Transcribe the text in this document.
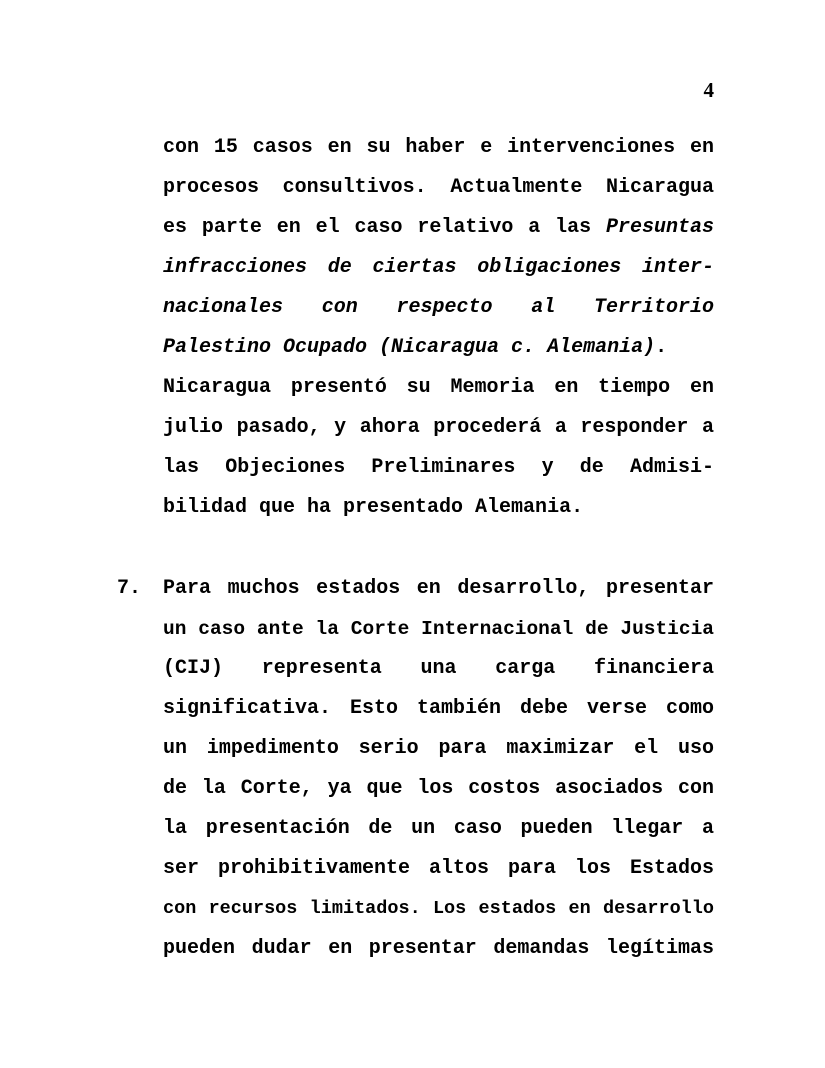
4
con 15 casos en su haber e intervenciones en
procesos consultivos. Actualmente Nicaragua
es parte en el caso relativo a las Presuntas
infracciones de ciertas obligaciones inter-
nacionales con respecto al Territorio
Palestino Ocupado (Nicaragua c. Alemania).
Nicaragua presentó su Memoria en tiempo en
julio pasado, y ahora procederá a responder a
las Objeciones Preliminares y de Admisi-
bilidad que ha presentado Alemania.
7. Para muchos estados en desarrollo, presentar
un caso ante la Corte Internacional de Justicia
(CIJ) representa una carga financiera
significativa. Esto también debe verse como
un impedimento serio para maximizar el uso
de la Corte, ya que los costos asociados con
la presentación de un caso pueden llegar a
ser prohibitivamente altos para los Estados
con recursos limitados. Los estados en desarrollo
pueden dudar en presentar demandas legítimas
